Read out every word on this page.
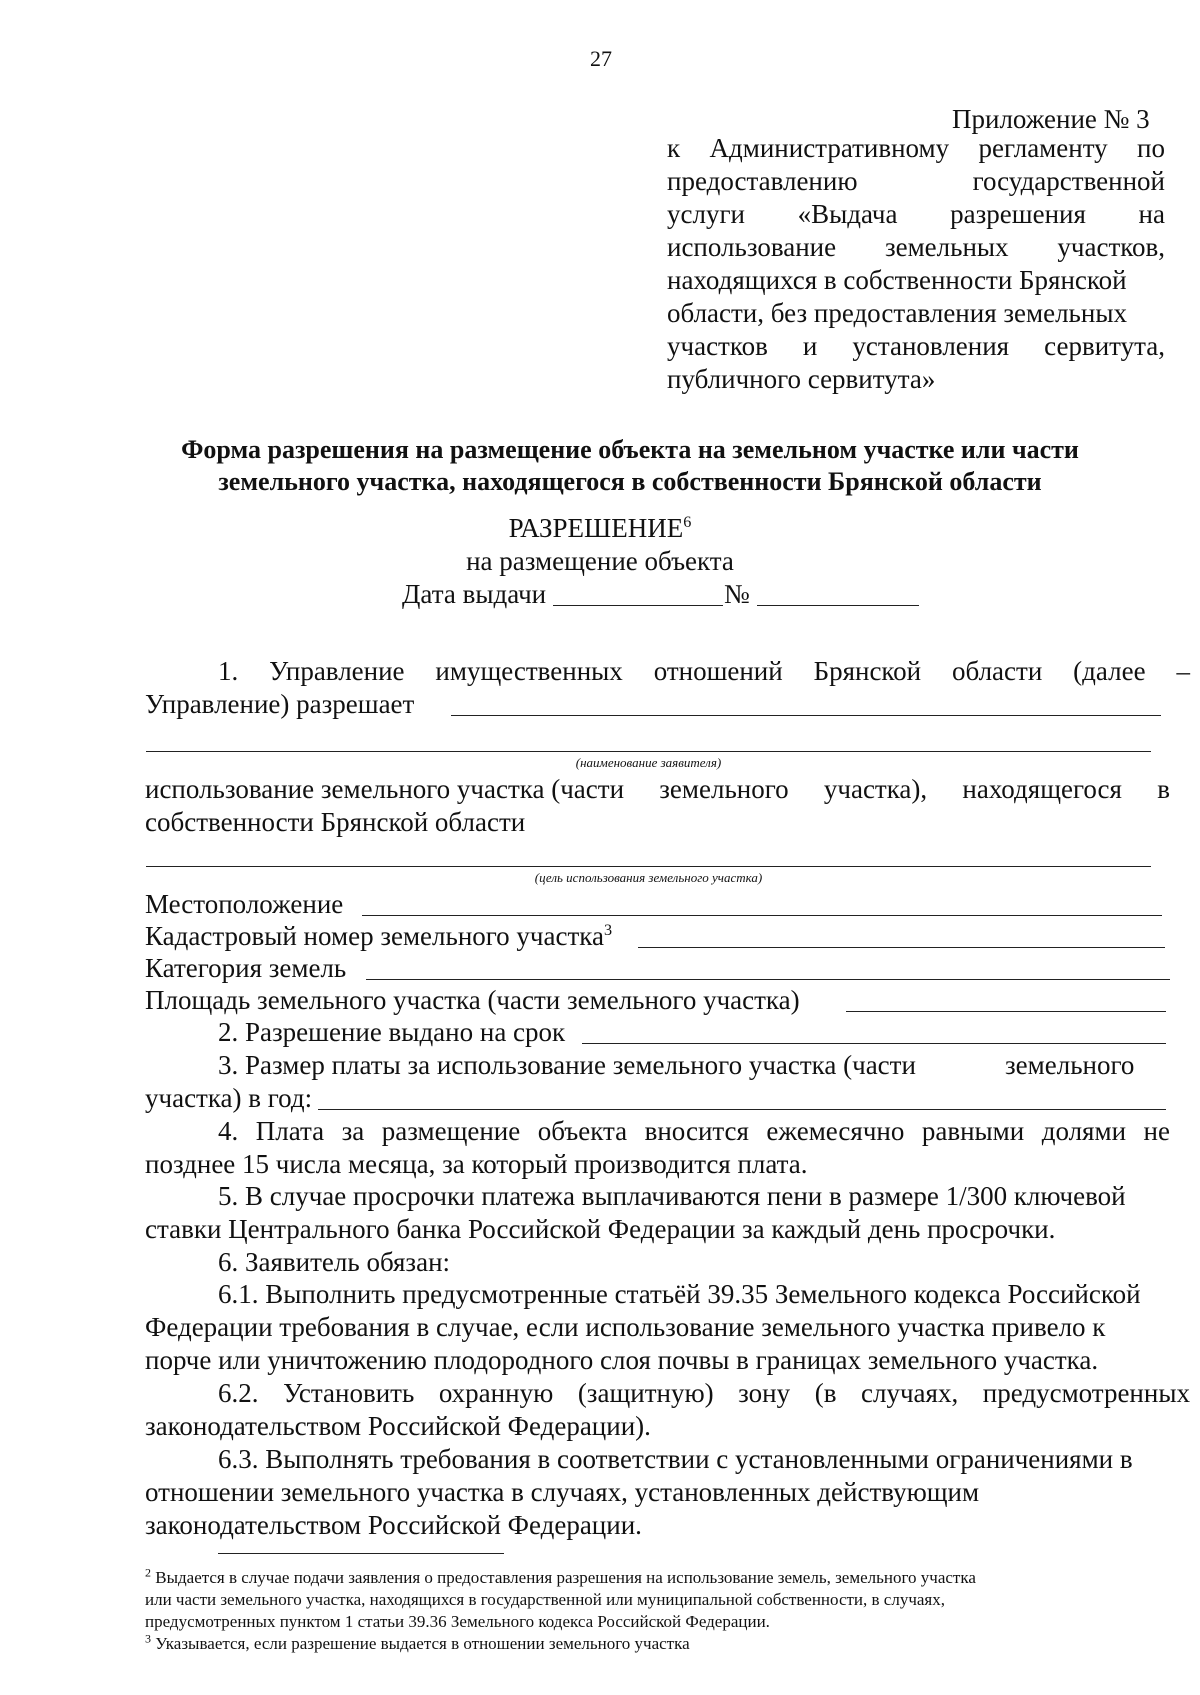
27
Приложение № 3
к Административному регламенту по
предоставлению	государственной
услуги «Выдача разрешения на
использование земельных участков,
находящихся в собственности Брянской
области, без предоставления земельных
участков и установления сервитута,
публичного сервитута»
Форма разрешения на размещение объекта на земельном участке или части
земельного участка, находящегося в собственности Брянской области
РАЗРЕШЕНИЕ$^6$
на размещение объекта
Дата выдачи	№
1. Управление имущественных отношений Брянской области (далее –
Управление) разрешает
(наименование заявителя)
использование земельного участка (части земельного участка), находящегося в
собственности Брянской области
(цель использования земельного участка)
Местоположение
Кадастровый номер земельного участка$^3$
Категория земель
Площадь земельного участка (части земельного участка)
2. Разрешение выдано на срок
3. Размер платы за использование земельного участка (части	земельного
участка) в год:
4. Плата за размещение объекта вносится ежемесячно равными долями не
позднее 15 числа месяца, за который производится плата.
5. В случае просрочки платежа выплачиваются пени в размере 1/300 ключевой
ставки Центрального банка Российской Федерации за каждый день просрочки.
6. Заявитель обязан:
6.1. Выполнить предусмотренные статьёй 39.35 Земельного кодекса Российской
Федерации требования в случае, если использование земельного участка привело к
порче или уничтожению плодородного слоя почвы в границах земельного участка.
6.2. Установить охранную (защитную) зону (в случаях, предусмотренных
законодательством Российской Федерации).
6.3. Выполнять требования в соответствии с установленными ограничениями в
отношении земельного участка в случаях, установленных действующим
законодательством Российской Федерации.
$^2$ Выдается в случае подачи заявления о предоставления разрешения на использование земель, земельного участка
или части земельного участка, находящихся в государственной или муниципальной собственности, в случаях,
предусмотренных пунктом 1 статьи 39.36 Земельного кодекса Российской Федерации.
$^3$ Указывается, если разрешение выдается в отношении земельного участка
